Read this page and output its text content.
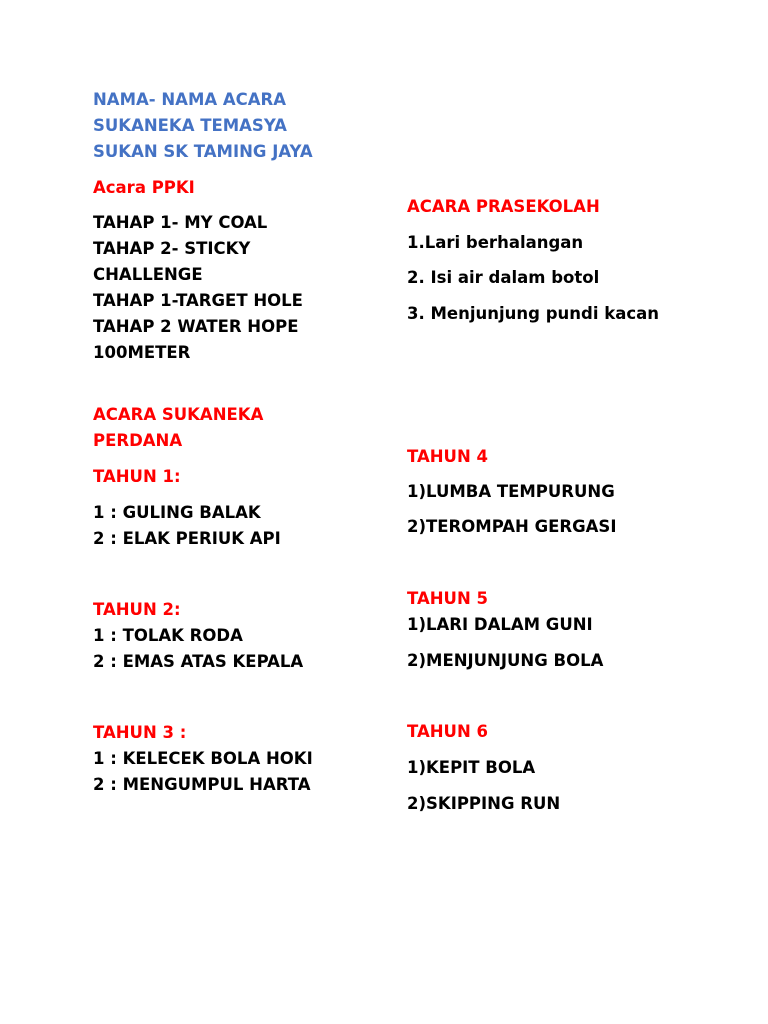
NAMA- NAMA ACARA
SUKANEKA TEMASYA
SUKAN SK TAMING JAYA
Acara PPKI
TAHAP 1- MY COAL
TAHAP 2- STICKY
CHALLENGE
TAHAP 1-TARGET HOLE
TAHAP 2 WATER HOPE
100METER
ACARA PRASEKOLAH
1.Lari berhalangan
2. Isi air dalam botol
3. Menjunjung pundi kacan
ACARA SUKANEKA
PERDANA
TAHUN 1:
1 : GULING BALAK
2 : ELAK PERIUK API
TAHUN 2:
1 : TOLAK RODA
2 : EMAS ATAS KEPALA
TAHUN 3 :
1 : KELECEK BOLA HOKI
2 : MENGUMPUL HARTA
TAHUN 4
1)LUMBA TEMPURUNG
2)TEROMPAH GERGASI
TAHUN 5
1)LARI DALAM GUNI
2)MENJUNJUNG BOLA
TAHUN 6
1)KEPIT BOLA
2)SKIPPING RUN
